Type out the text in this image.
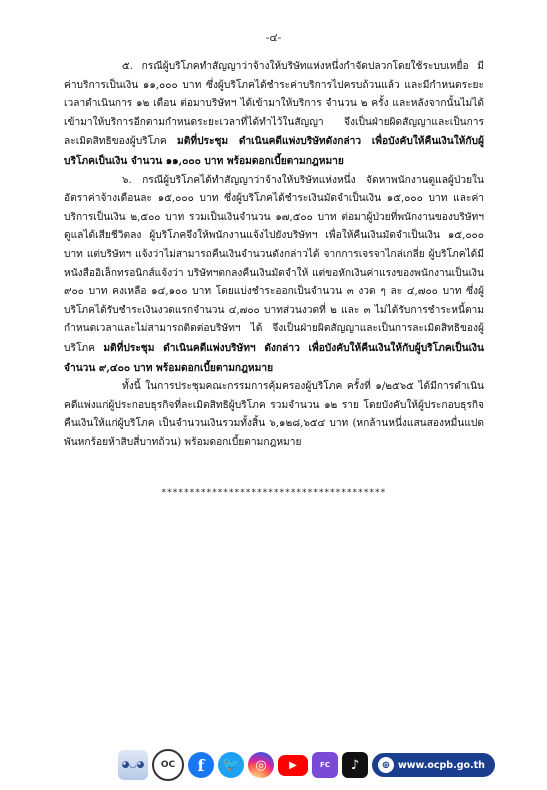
-๔-

๕. กรณีผู้บริโภคทำสัญญาว่าจ้างให้บริษัทแห่งหนึ่งกำจัดปลวกโดยใช้ระบบเหยื่อ มีค่าบริการเป็นเงิน ๑๑,๐๐๐ บาท ซึ่งผู้บริโภคได้ชำระค่าบริการไปครบถ้วนแล้ว และมีกำหนดระยะเวลาดำเนินการ ๑๒ เดือน ต่อมาบริษัทฯ ได้เข้ามาให้บริการ จำนวน ๒ ครั้ง และหลังจากนั้นไม่ได้เข้ามาให้บริการอีกตามกำหนดระยะเวลาที่ได้ทำไว้ในสัญญา จึงเป็นฝ่ายผิดสัญญาและเป็นการละเมิดสิทธิของผู้บริโภค มติที่ประชุม ดำเนินคดีแพ่งบริษัทดังกล่าว เพื่อบังคับให้คืนเงินให้กับผู้บริโภคเป็นเงิน จำนวน ๑๑,๐๐๐ บาท พร้อมดอกเบี้ยตามกฎหมาย

๖. กรณีผู้บริโภคได้ทำสัญญาว่าจ้างให้บริษัทแห่งหนึ่ง จัดหาพนักงานดูแลผู้ป่วยในอัตราค่าจ้างเดือนละ ๑๕,๐๐๐ บาท ซึ่งผู้บริโภคได้ชำระเงินมัดจำเป็นเงิน ๑๕,๐๐๐ บาท และค่าบริการเป็นเงิน ๒,๕๐๐ บาท รวมเป็นเงินจำนวน ๑๗,๕๐๐ บาท ต่อมาผู้ป่วยที่พนักงานของบริษัทฯ ดูแลได้เสียชีวิตลง ผู้บริโภคจึงให้พนักงานแจ้งไปยังบริษัทฯ เพื่อให้คืนเงินมัดจำเป็นเงิน ๑๕,๐๐๐ บาท แต่บริษัทฯ แจ้งว่าไม่สามารถคืนเงินจำนวนดังกล่าวได้ จากการเจรจาไกล่เกลี่ย ผู้บริโภคได้มีหนังสืออิเล็กทรอนิกส์แจ้งว่า บริษัทฯตกลงคืนเงินมัดจำให้ แต่ขอหักเงินค่าแรงของพนักงานเป็นเงิน ๙๐๐ บาท คงเหลือ ๑๔,๑๐๐ บาท โดยแบ่งชำระออกเป็นจำนวน ๓ งวด ๆ ละ ๔,๗๐๐ บาท ซึ่งผู้บริโภคได้รับชำระเงินงวดแรกจำนวน ๔,๗๐๐ บาทส่วนงวดที่ ๒ และ ๓ ไม่ได้รับการชำระหนี้ตามกำหนดเวลาและไม่สามารถติดต่อบริษัทฯ ได้ จึงเป็นฝ่ายผิดสัญญาและเป็นการละเมิดสิทธิของผู้บริโภค มติที่ประชุม ดำเนินคดีแพ่งบริษัทฯ ดังกล่าว เพื่อบังคับให้คืนเงินให้กับผู้บริโภคเป็นเงิน จำนวน ๙,๔๐๐ บาท พร้อมดอกเบี้ยตามกฎหมาย

ทั้งนี้ ในการประชุมคณะกรรมการคุ้มครองผู้บริโภค ครั้งที่ ๑/๒๕๖๕ ได้มีการดำเนินคดีแพ่งแก่ผู้ประกอบธุรกิจที่ละเมิดสิทธิผู้บริโภค รวมจำนวน ๑๒ ราย โดยบังคับให้ผู้ประกอบธุรกิจคืนเงินให้แก่ผู้บริโภค เป็นจำนวนเงินรวมทั้งสิ้น ๖,๑๒๘,๖๕๔ บาท (หกล้านหนึ่งแสนสองหมื่นแปดพันหกร้อยห้าสิบสี่บาทถ้วน) พร้อมดอกเบี้ยตามกฎหมาย

****************************************
◕◡◕	OC	f	🐦	◎	▶	FC	♪	⊕ www.ocpb.go.th
